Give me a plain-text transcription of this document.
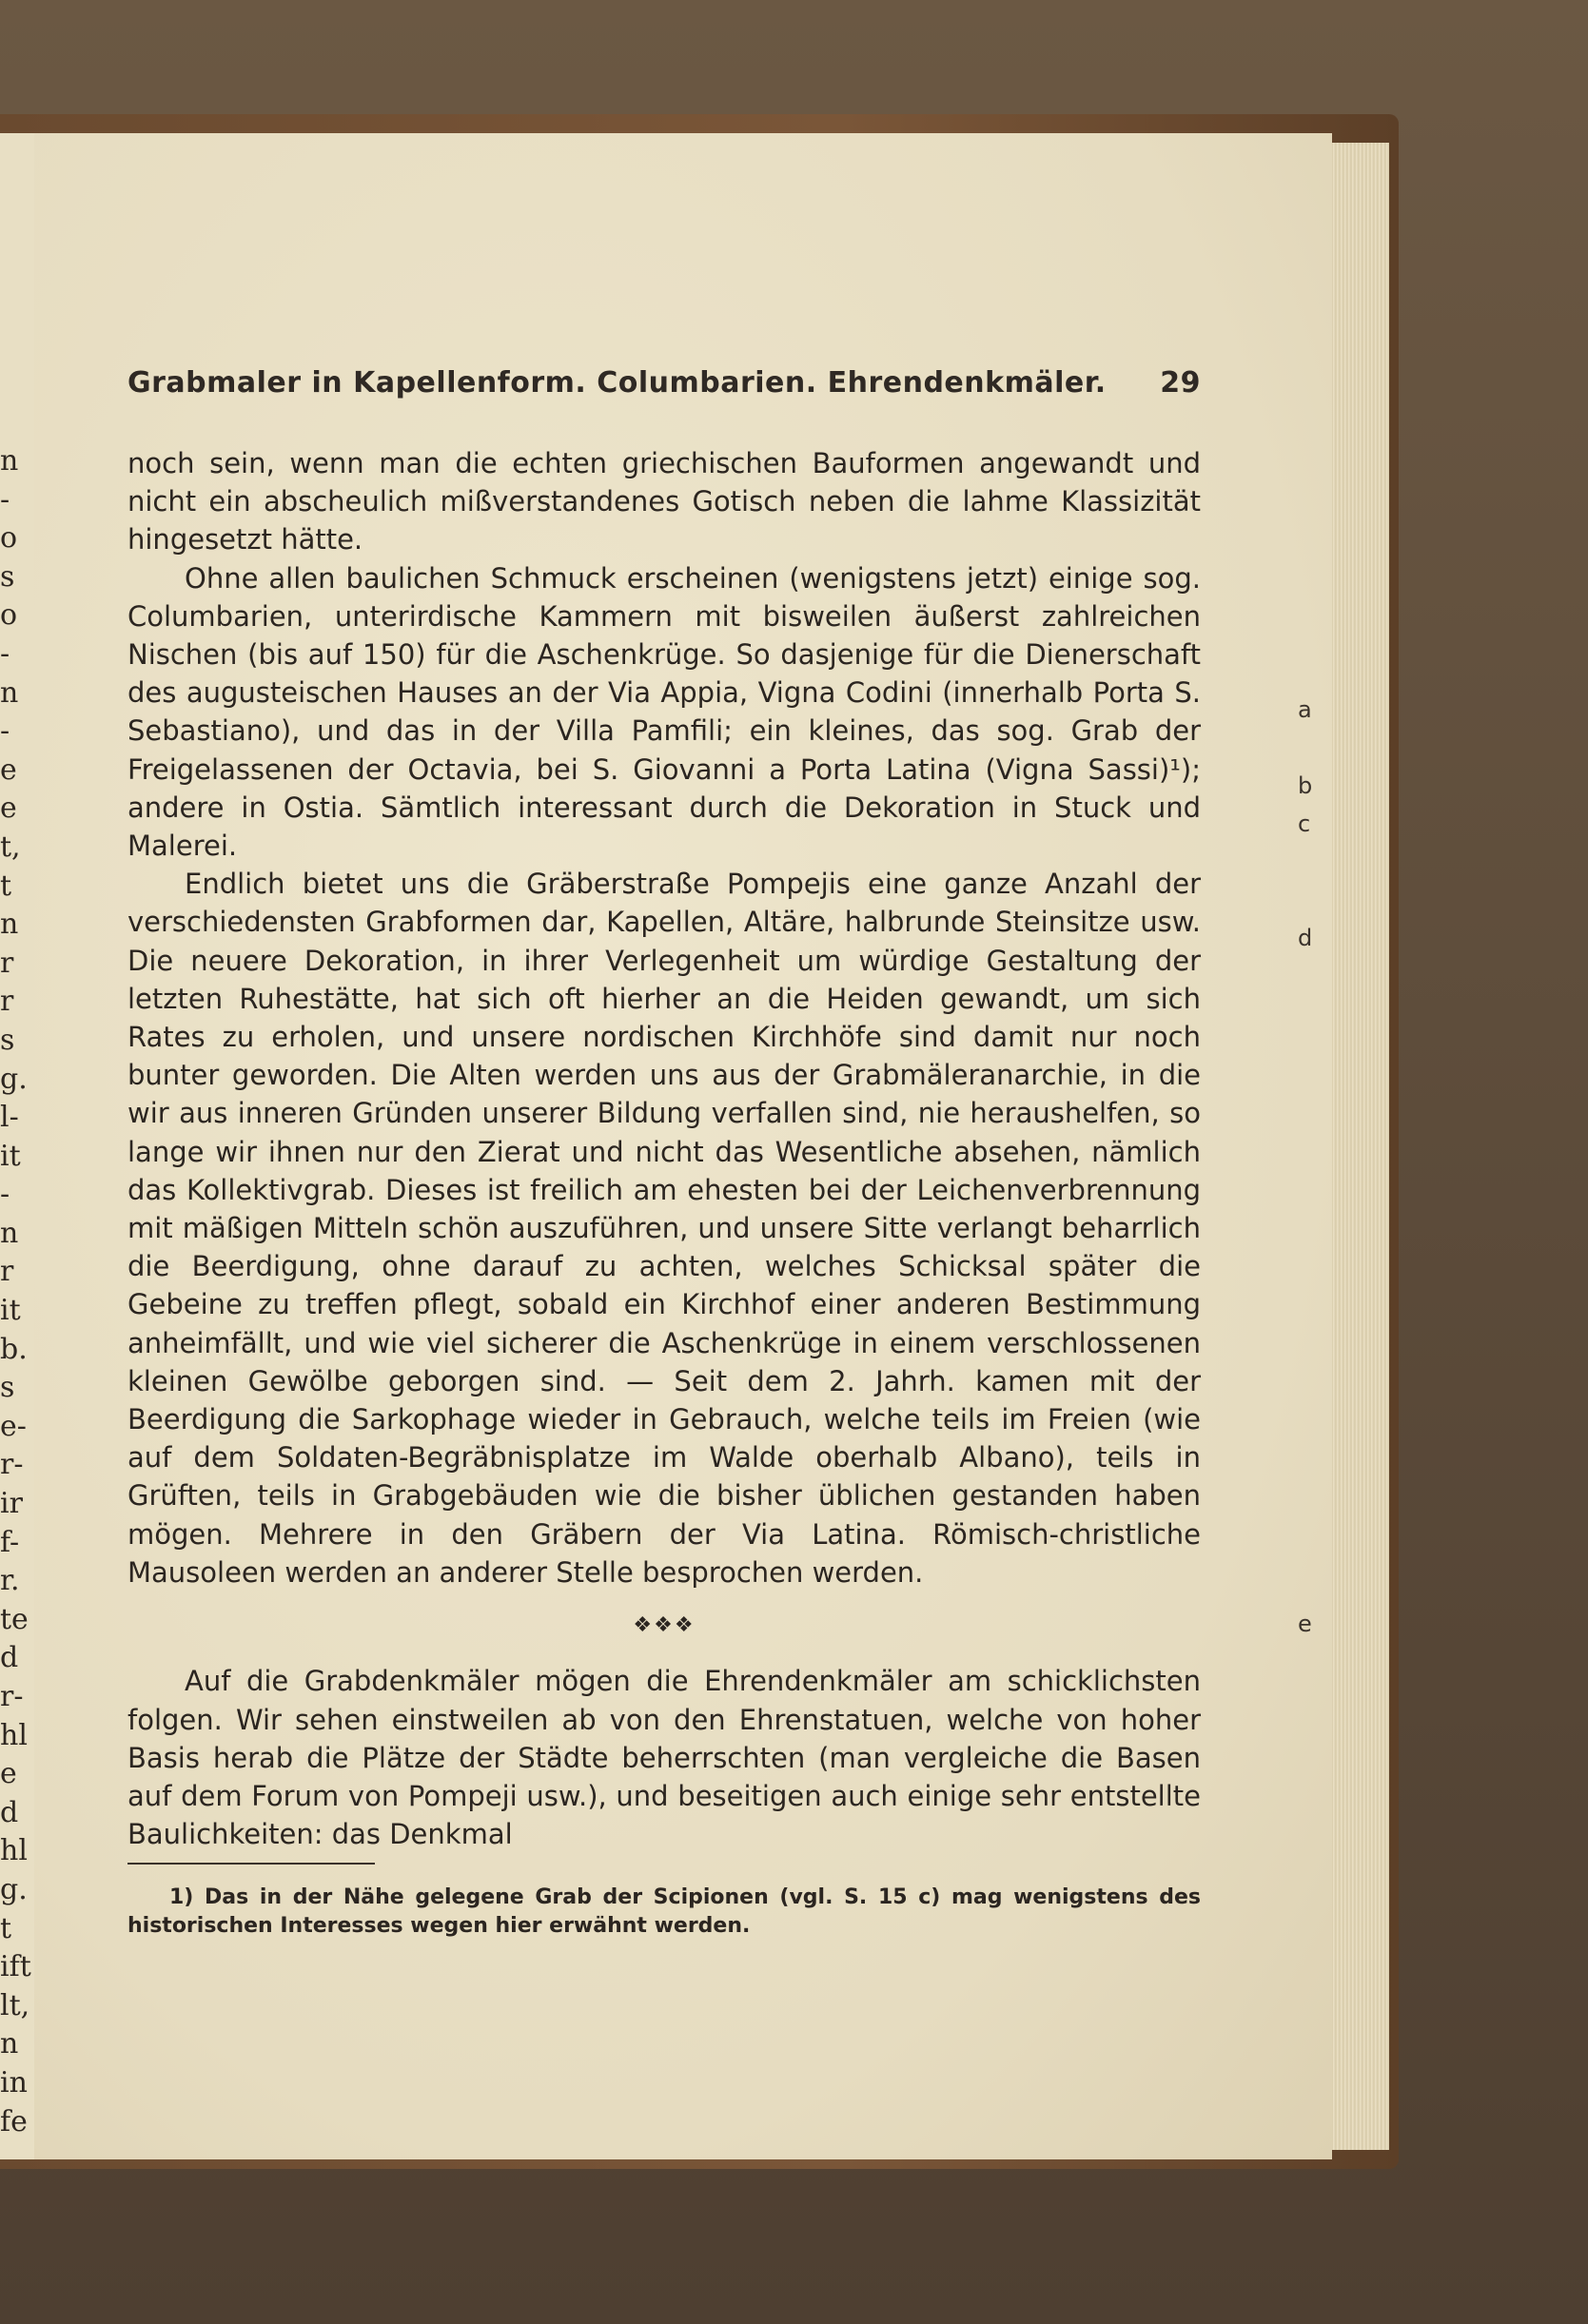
n
-
o
s
o
-
n
-
e
e
t,
t
n
r
r
s
g.
l-
it
-
n
r
it
b.
s
e-
r-
ir
f-
r.
te
d
r-
hl
e
d
hl
g.
t
ift
lt,
n
in
fe
Grabmaler in Kapellenform. Columbarien. Ehrendenkmäler. 29

noch sein, wenn man die echten griechischen Bauformen angewandt und nicht ein abscheulich mißverstandenes Gotisch neben die lahme Klassizität hingesetzt hätte.

Ohne allen baulichen Schmuck erscheinen (wenigstens jetzt) einige sog. Columbarien, unterirdische Kammern mit bisweilen äußerst zahlreichen Nischen (bis auf 150) für die Aschenkrüge. So dasjenige für die Dienerschaft des augusteischen Hauses an der Via Appia, Vigna Codini (innerhalb Porta S. Sebastiano), und das in der Villa Pamfili; ein kleines, das sog. Grab der Freigelassenen der Octavia, bei S. Giovanni a Porta Latina (Vigna Sassi)¹); andere in Ostia. Sämtlich interessant durch die Dekoration in Stuck und Malerei.

Endlich bietet uns die Gräberstraße Pompejis eine ganze Anzahl der verschiedensten Grabformen dar, Kapellen, Altäre, halbrunde Steinsitze usw. Die neuere Dekoration, in ihrer Verlegenheit um würdige Gestaltung der letzten Ruhestätte, hat sich oft hierher an die Heiden gewandt, um sich Rates zu erholen, und unsere nordischen Kirchhöfe sind damit nur noch bunter geworden. Die Alten werden uns aus der Grabmäleranarchie, in die wir aus inneren Gründen unserer Bildung verfallen sind, nie heraushelfen, so lange wir ihnen nur den Zierat und nicht das Wesentliche absehen, nämlich das Kollektivgrab. Dieses ist freilich am ehesten bei der Leichenverbrennung mit mäßigen Mitteln schön auszuführen, und unsere Sitte verlangt beharrlich die Beerdigung, ohne darauf zu achten, welches Schicksal später die Gebeine zu treffen pflegt, sobald ein Kirchhof einer anderen Bestimmung anheimfällt, und wie viel sicherer die Aschenkrüge in einem verschlossenen kleinen Gewölbe geborgen sind. — Seit dem 2. Jahrh. kamen mit der Beerdigung die Sarkophage wieder in Gebrauch, welche teils im Freien (wie auf dem Soldaten-Begräbnisplatze im Walde oberhalb Albano), teils in Grüften, teils in Grabgebäuden wie die bisher üblichen gestanden haben mögen. Mehrere in den Gräbern der Via Latina. Römisch-christliche Mausoleen werden an anderer Stelle besprochen werden.

❖❖❖

Auf die Grabdenkmäler mögen die Ehrendenkmäler am schicklichsten folgen. Wir sehen einstweilen ab von den Ehrenstatuen, welche von hoher Basis herab die Plätze der Städte beherrschten (man vergleiche die Basen auf dem Forum von Pompeji usw.), und beseitigen auch einige sehr entstellte Baulichkeiten: das Denkmal

1) Das in der Nähe gelegene Grab der Scipionen (vgl. S. 15 c) mag wenigstens des historischen Interesses wegen hier erwähnt werden.
a
b
c
d
e
